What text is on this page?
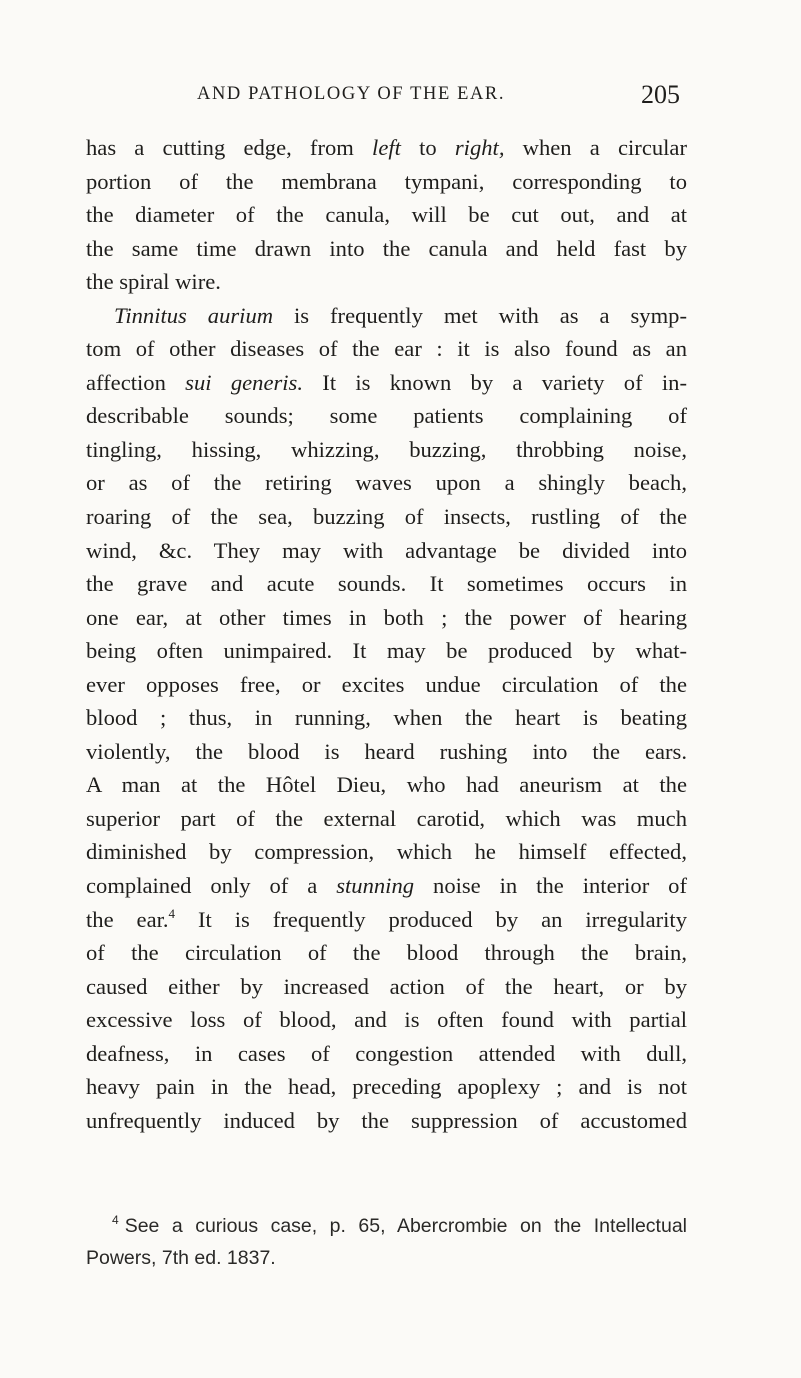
AND PATHOLOGY OF THE EAR.	205
has a cutting edge, from left to right, when a circular
portion of the membrana tympani, corresponding to
the diameter of the canula, will be cut out, and at
the same time drawn into the canula and held fast by
the spiral wire.
Tinnitus aurium is frequently met with as a symp-
tom of other diseases of the ear : it is also found as an
affection sui generis. It is known by a variety of in-
describable sounds; some patients complaining of
tingling, hissing, whizzing, buzzing, throbbing noise,
or as of the retiring waves upon a shingly beach,
roaring of the sea, buzzing of insects, rustling of the
wind, &c. They may with advantage be divided into
the grave and acute sounds. It sometimes occurs in
one ear, at other times in both ; the power of hearing
being often unimpaired. It may be produced by what-
ever opposes free, or excites undue circulation of the
blood ; thus, in running, when the heart is beating
violently, the blood is heard rushing into the ears.
A man at the Hôtel Dieu, who had aneurism at the
superior part of the external carotid, which was much
diminished by compression, which he himself effected,
complained only of a stunning noise in the interior of
the ear.$^4$ It is frequently produced by an irregularity
of the circulation of the blood through the brain,
caused either by increased action of the heart, or by
excessive loss of blood, and is often found with partial
deafness, in cases of congestion attended with dull,
heavy pain in the head, preceding apoplexy ; and is not
unfrequently induced by the suppression of accustomed
$^4$ See a curious case, p. 65, Abercrombie on the Intellectual
Powers, 7th ed. 1837.
